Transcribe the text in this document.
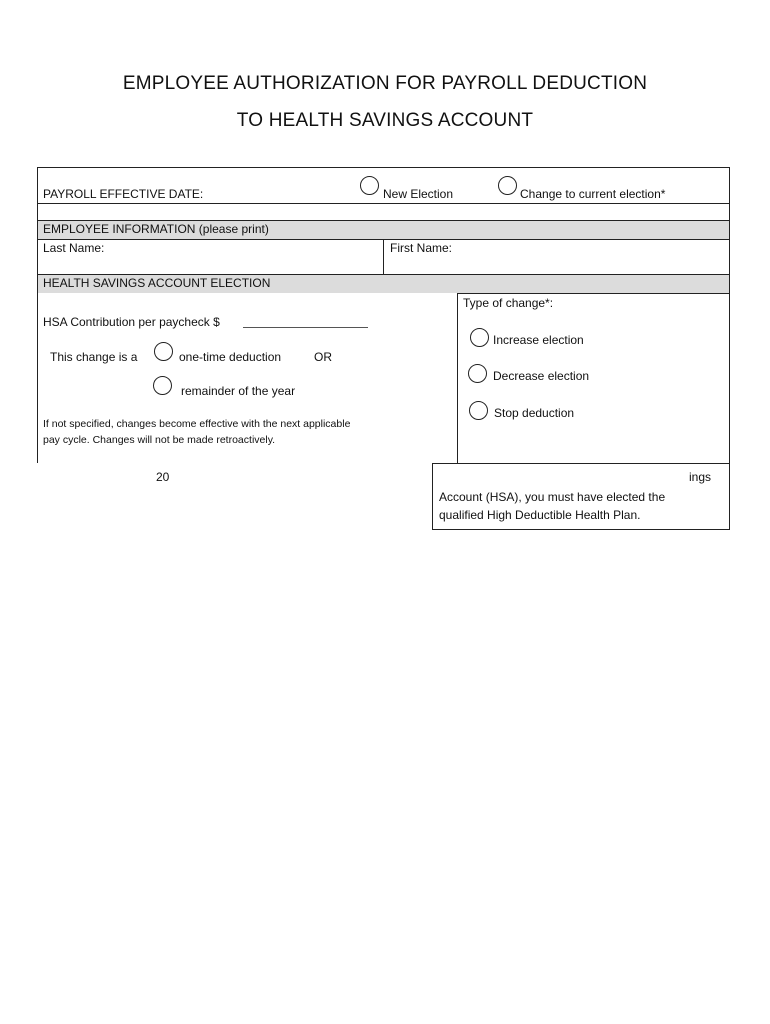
EMPLOYEE AUTHORIZATION FOR PAYROLL DEDUCTION
TO HEALTH SAVINGS ACCOUNT
PAYROLL EFFECTIVE DATE:	New Election	Change to current election*
EMPLOYEE INFORMATION (please print)
Last Name:	First Name:
HEALTH SAVINGS ACCOUNT ELECTION
HSA Contribution per paycheck $
This change is a	one-time deduction	OR
remainder of the year
If not specified, changes become effective with the next applicable
pay cycle. Changes will not be made retroactively.
Type of change*:
Increase election
Decrease election
Stop deduction
20	ings
Account (HSA), you must have elected the
qualified High Deductible Health Plan.
